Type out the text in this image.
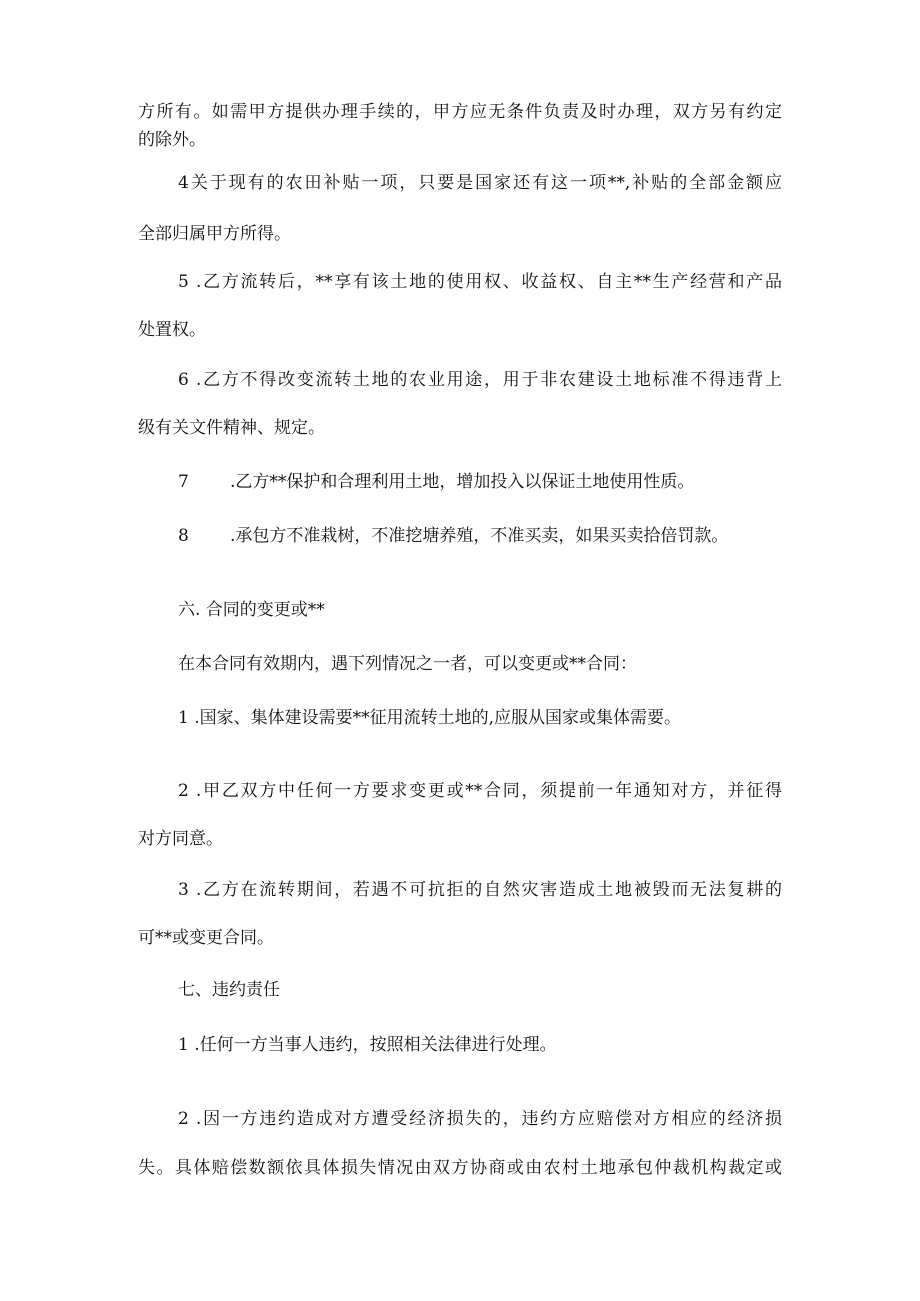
方所有。如需甲方提供办理手续的，甲方应无条件负责及时办理，双方另有约定
的除外。
4关于现有的农田补贴一项，只要是国家还有这一项**,补贴的全部金额应
全部归属甲方所得。
5 .乙方流转后，**享有该土地的使用权、收益权、自主**生产经营和产品
处置权。
6 .乙方不得改变流转土地的农业用途，用于非农建设土地标准不得违背上
级有关文件精神、规定。
7 .乙方**保护和合理利用土地，增加投入以保证土地使用性质。
8 .承包方不准栽树，不准挖塘养殖，不准买卖，如果买卖拾倍罚款。
六. 合同的变更或**
在本合同有效期内，遇下列情况之一者，可以变更或**合同：
1 .国家、集体建设需要**征用流转土地的,应服从国家或集体需要。
2 .甲乙双方中任何一方要求变更或**合同，须提前一年通知对方，并征得
对方同意。
3 .乙方在流转期间，若遇不可抗拒的自然灾害造成土地被毁而无法复耕的
可**或变更合同。
七、违约责任
1 .任何一方当事人违约，按照相关法律进行处理。
2 .因一方违约造成对方遭受经济损失的，违约方应赔偿对方相应的经济损
失。具体赔偿数额依具体损失情况由双方协商或由农村土地承包仲裁机构裁定或
